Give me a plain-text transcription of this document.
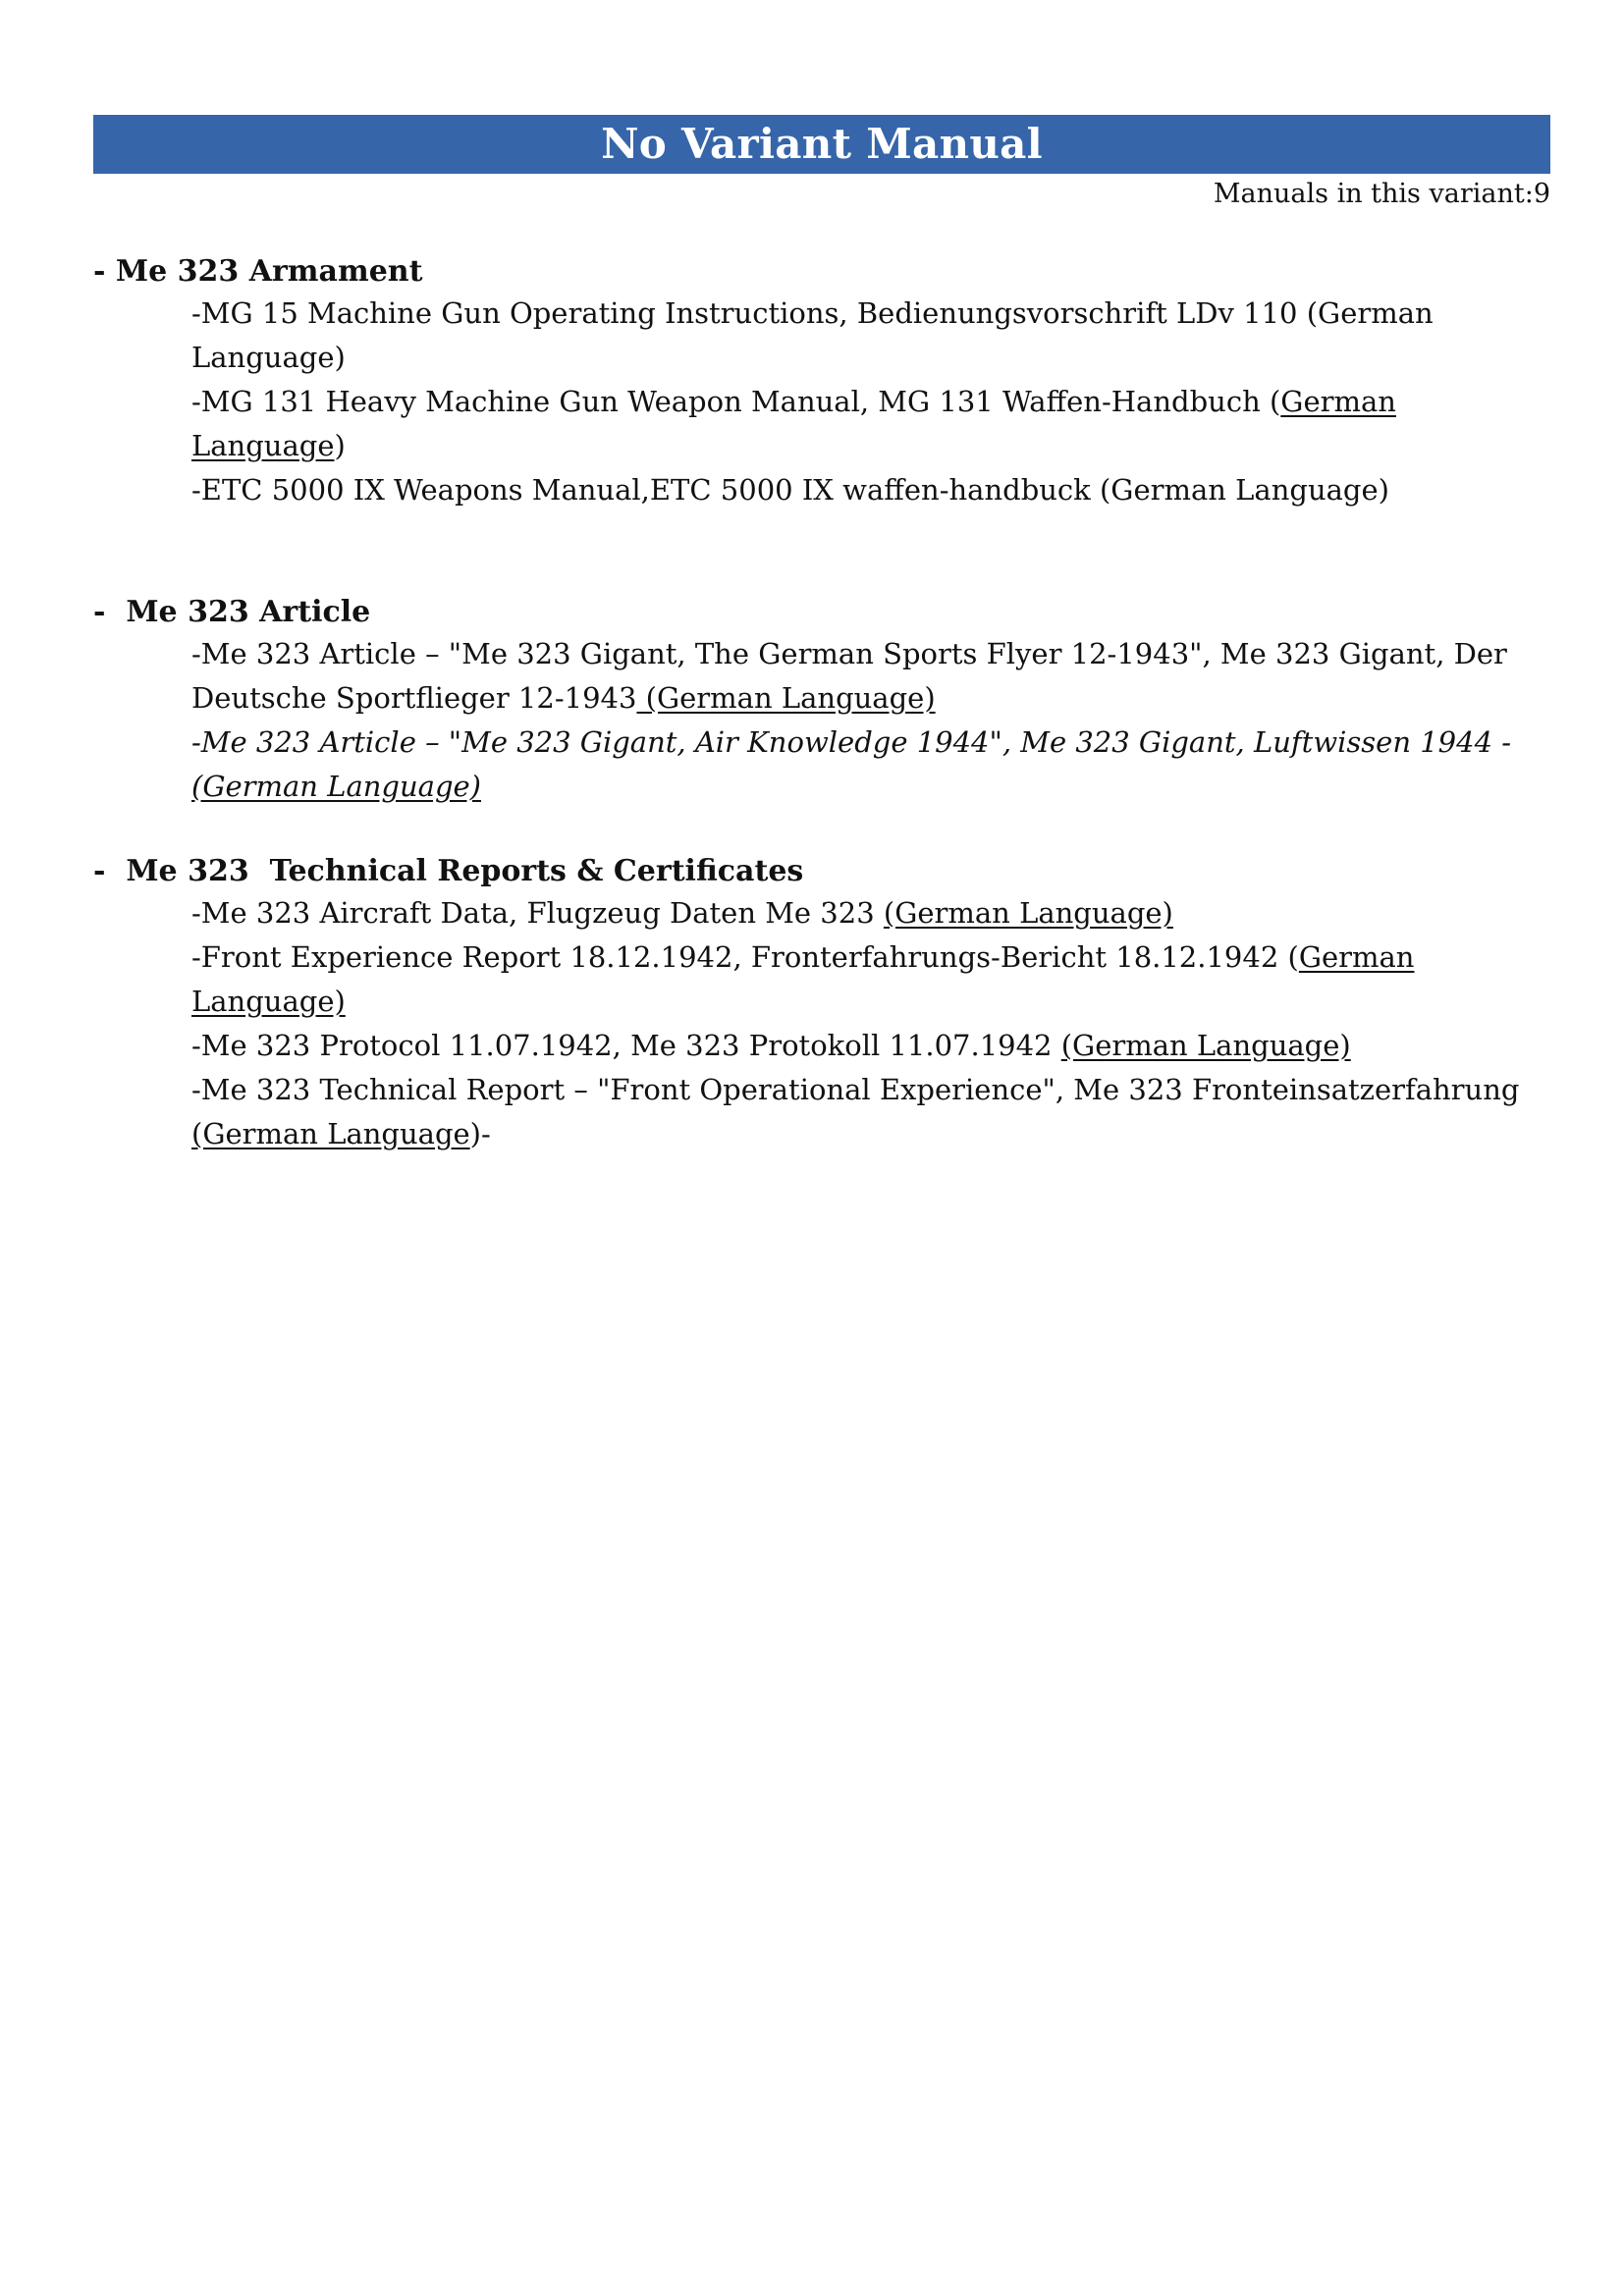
No Variant Manual
Manuals in this variant:9
- Me 323 Armament
-MG 15 Machine Gun Operating Instructions, Bedienungsvorschrift LDv 110 (German Language)
-MG 131 Heavy Machine Gun Weapon Manual, MG 131 Waffen-Handbuch (German Language)
-ETC 5000 IX Weapons Manual,ETC 5000 IX waffen-handbuck (German Language)
-  Me 323 Article
-Me 323 Article – "Me 323 Gigant, The German Sports Flyer 12-1943", Me 323 Gigant, Der Deutsche Sportflieger 12-1943 (German Language)
-Me 323 Article – "Me 323 Gigant, Air Knowledge 1944", Me 323 Gigant, Luftwissen 1944 - (German Language)
-  Me 323  Technical Reports & Certificates
-Me 323 Aircraft Data, Flugzeug Daten Me 323 (German Language)
-Front Experience Report 18.12.1942, Fronterfahrungs-Bericht 18.12.1942 (German Language)
-Me 323 Protocol 11.07.1942, Me 323 Protokoll 11.07.1942 (German Language)
-Me 323 Technical Report – "Front Operational Experience", Me 323 Fronteinsatzerfahrung (German Language)-
